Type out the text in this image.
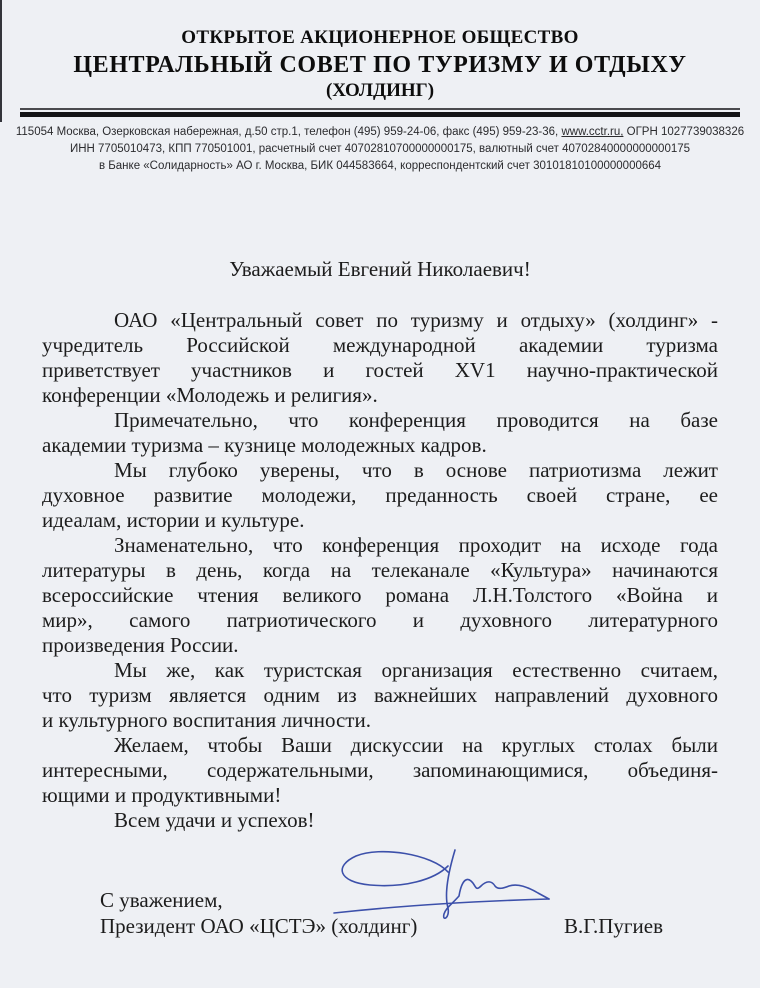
ОТКРЫТОЕ АКЦИОНЕРНОЕ ОБЩЕСТВО
ЦЕНТРАЛЬНЫЙ СОВЕТ ПО ТУРИЗМУ И ОТДЫХУ
(ХОЛДИНГ)
115054 Москва, Озерковская набережная, д.50 стр.1, телефон (495) 959-24-06, факс (495) 959-23-36, www.cctr.ru, ОГРН 1027739038326
ИНН 7705010473, КПП 770501001, расчетный счет 40702810700000000175, валютный счет 40702840000000000175
в Банке «Солидарность» АО г. Москва, БИК 044583664, корреспондентский счет 30101810100000000664
Уважаемый Евгений Николаевич!
ОАО «Центральный совет по туризму и отдыху» (холдинг» -
учредитель Российской международной академии туризма
приветствует участников и гостей XV1 научно-практической
конференции «Молодежь и религия».
Примечательно, что конференция проводится на базе
академии туризма – кузнице молодежных кадров.
Мы глубоко уверены, что в основе патриотизма лежит
духовное развитие молодежи, преданность своей стране, ее
идеалам, истории и культуре.
Знаменательно, что конференция проходит на исходе года
литературы в день, когда на телеканале «Культура» начинаются
всероссийские чтения великого романа Л.Н.Толстого «Война и
мир», самого патриотического и духовного литературного
произведения России.
Мы же, как туристская организация естественно считаем,
что туризм является одним из важнейших направлений духовного
и культурного воспитания личности.
Желаем, чтобы Ваши дискуссии на круглых столах были
интересными, содержательными, запоминающимися, объединя-
ющими и продуктивными!
Всем удачи и успехов!
С уважением,
Президент ОАО «ЦСТЭ» (холдинг)	В.Г.Пугиев
